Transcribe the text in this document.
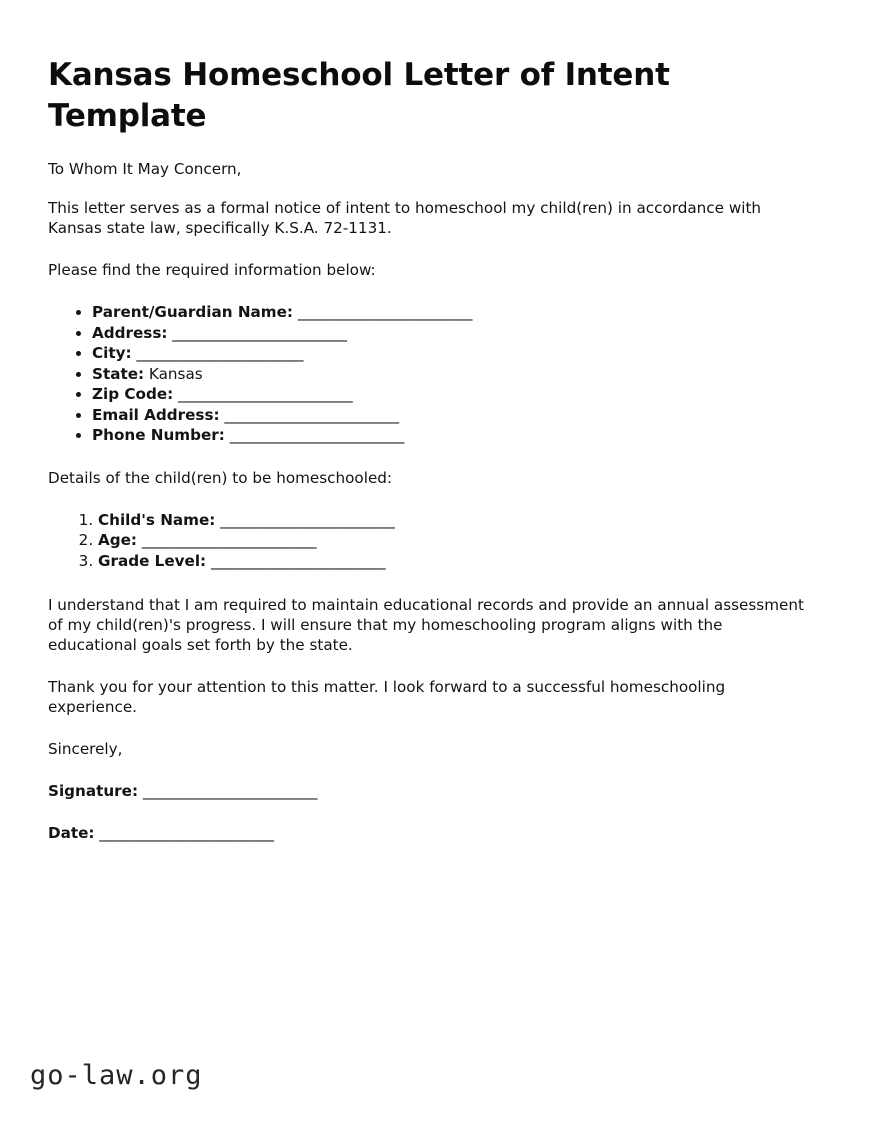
Kansas Homeschool Letter of Intent Template

To Whom It May Concern,

This letter serves as a formal notice of intent to homeschool my child(ren) in accordance with Kansas state law, specifically K.S.A. 72-1131.

Please find the required information below:

• Parent/Guardian Name: _______________________
• Address: _______________________
• City: ______________________
• State: Kansas
• Zip Code: _______________________
• Email Address: _______________________
• Phone Number: _______________________

Details of the child(ren) to be homeschooled:

1. Child's Name: _______________________
2. Age: _______________________
3. Grade Level: _______________________

I understand that I am required to maintain educational records and provide an annual assessment of my child(ren)'s progress. I will ensure that my homeschooling program aligns with the educational goals set forth by the state.

Thank you for your attention to this matter. I look forward to a successful homeschooling experience.

Sincerely,

Signature: _______________________
Date: _______________________
go-law.org
